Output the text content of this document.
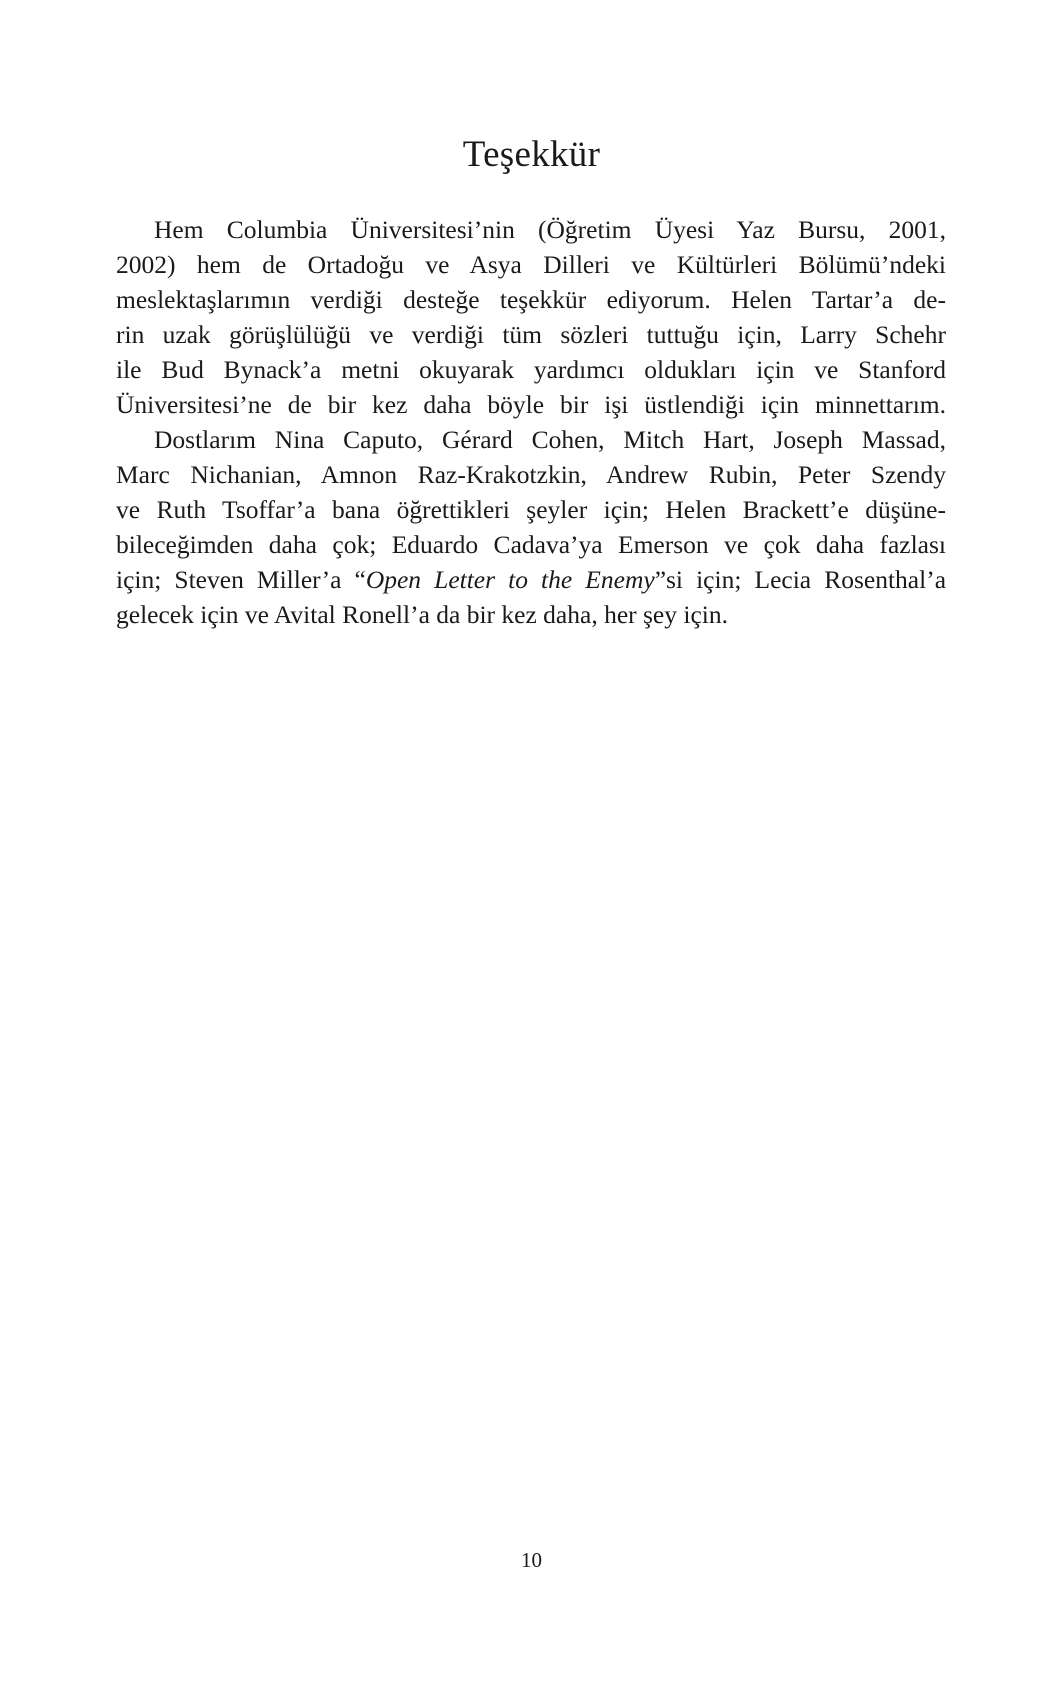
Teşekkür

Hem Columbia Üniversitesi’nin (Öğretim Üyesi Yaz Bursu, 2001,
2002) hem de Ortadoğu ve Asya Dilleri ve Kültürleri Bölümü’ndeki
meslektaşlarımın verdiği desteğe teşekkür ediyorum. Helen Tartar’a de-
rin uzak görüşlülüğü ve verdiği tüm sözleri tuttuğu için, Larry Schehr
ile Bud Bynack’a metni okuyarak yardımcı oldukları için ve Stanford
Üniversitesi’ne de bir kez daha böyle bir işi üstlendiği için minnettarım.

Dostlarım Nina Caputo, Gérard Cohen, Mitch Hart, Joseph Massad,
Marc Nichanian, Amnon Raz-Krakotzkin, Andrew Rubin, Peter Szendy
ve Ruth Tsoffar’a bana öğrettikleri şeyler için; Helen Brackett’e düşüne-
bileceğimden daha çok; Eduardo Cadava’ya Emerson ve çok daha fazlası
için; Steven Miller’a “Open Letter to the Enemy”si için; Lecia Rosenthal’a
gelecek için ve Avital Ronell’a da bir kez daha, her şey için.

10
